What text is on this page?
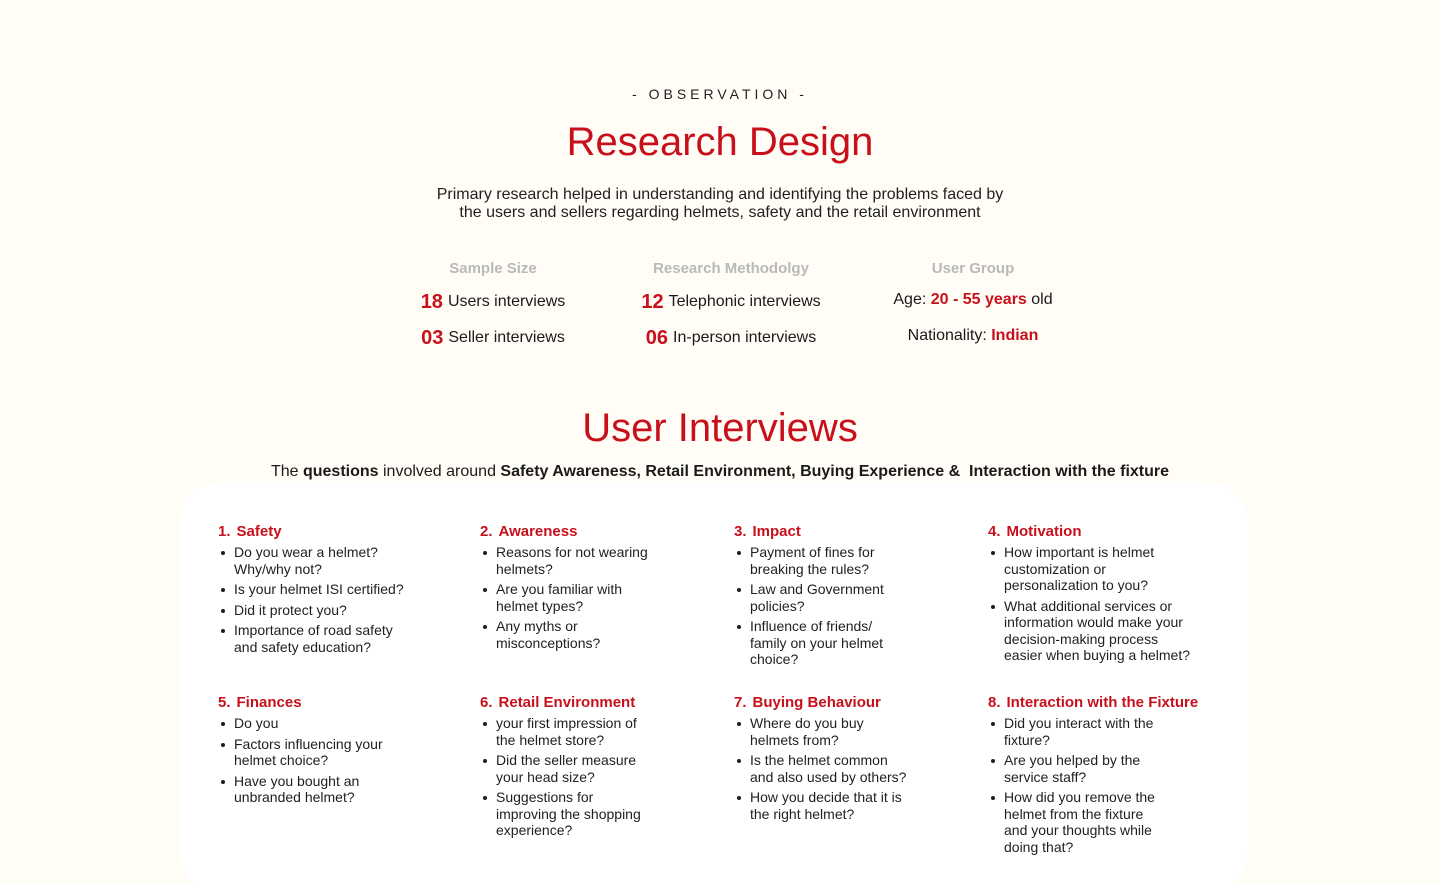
- OBSERVATION -
Research Design
Primary research helped in understanding and identifying the problems faced by
the users and sellers regarding helmets, safety and the retail environment
Sample Size
18 Users interviews
03 Seller interviews
Research Methodolgy
12 Telephonic interviews
06 In-person interviews
User Group
Age: 20 - 55 years old
Nationality: Indian
User Interviews
The questions involved around Safety Awareness, Retail Environment, Buying Experience &  Interaction with the fixture
1. Safety
Do you wear a helmet? Why/why not?
Is your helmet ISI certified?
Did it protect you?
Importance of road safety and safety education?
2. Awareness
Reasons for not wearing helmets?
Are you familiar with helmet types?
Any myths or misconceptions?
3. Impact
Payment of fines for breaking the rules?
Law and Government policies?
Influence of friends/ family on your helmet choice?
4. Motivation
How important is helmet customization or personalization to you?
What additional services or information would make your decision-making process easier when buying a helmet?
5. Finances
Do you
Factors influencing your helmet choice?
Have you bought an unbranded helmet?
6. Retail Environment
your first impression of the helmet store?
Did the seller measure your head size?
Suggestions for improving the shopping experience?
7. Buying Behaviour
Where do you buy helmets from?
Is the helmet common and also used by others?
How you decide that it is the right helmet?
8. Interaction with the Fixture
Did you interact with the fixture?
Are you helped by the service staff?
How did you remove the helmet from the fixture and your thoughts while doing that?
